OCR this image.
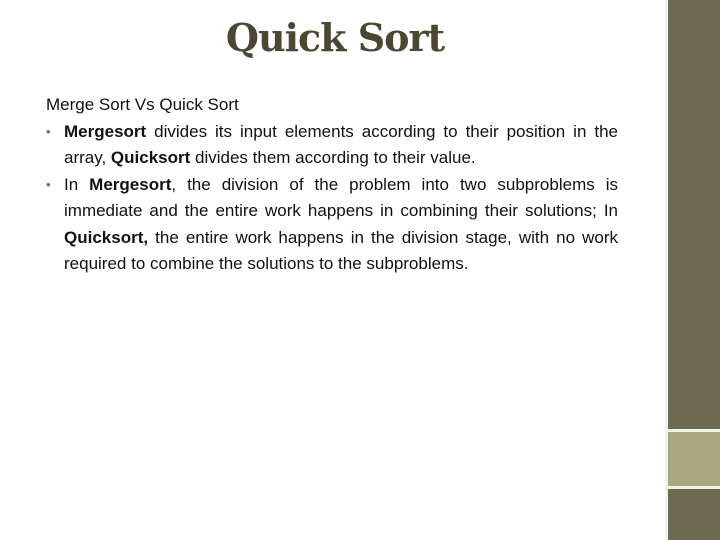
Quick Sort

Merge Sort Vs Quick Sort

• Mergesort divides its input elements according to their position in the array, Quicksort divides them according to their value.
• In Mergesort, the division of the problem into two subproblems is immediate and the entire work happens in combining their solutions; In Quicksort, the entire work happens in the division stage, with no work required to combine the solutions to the subproblems.
